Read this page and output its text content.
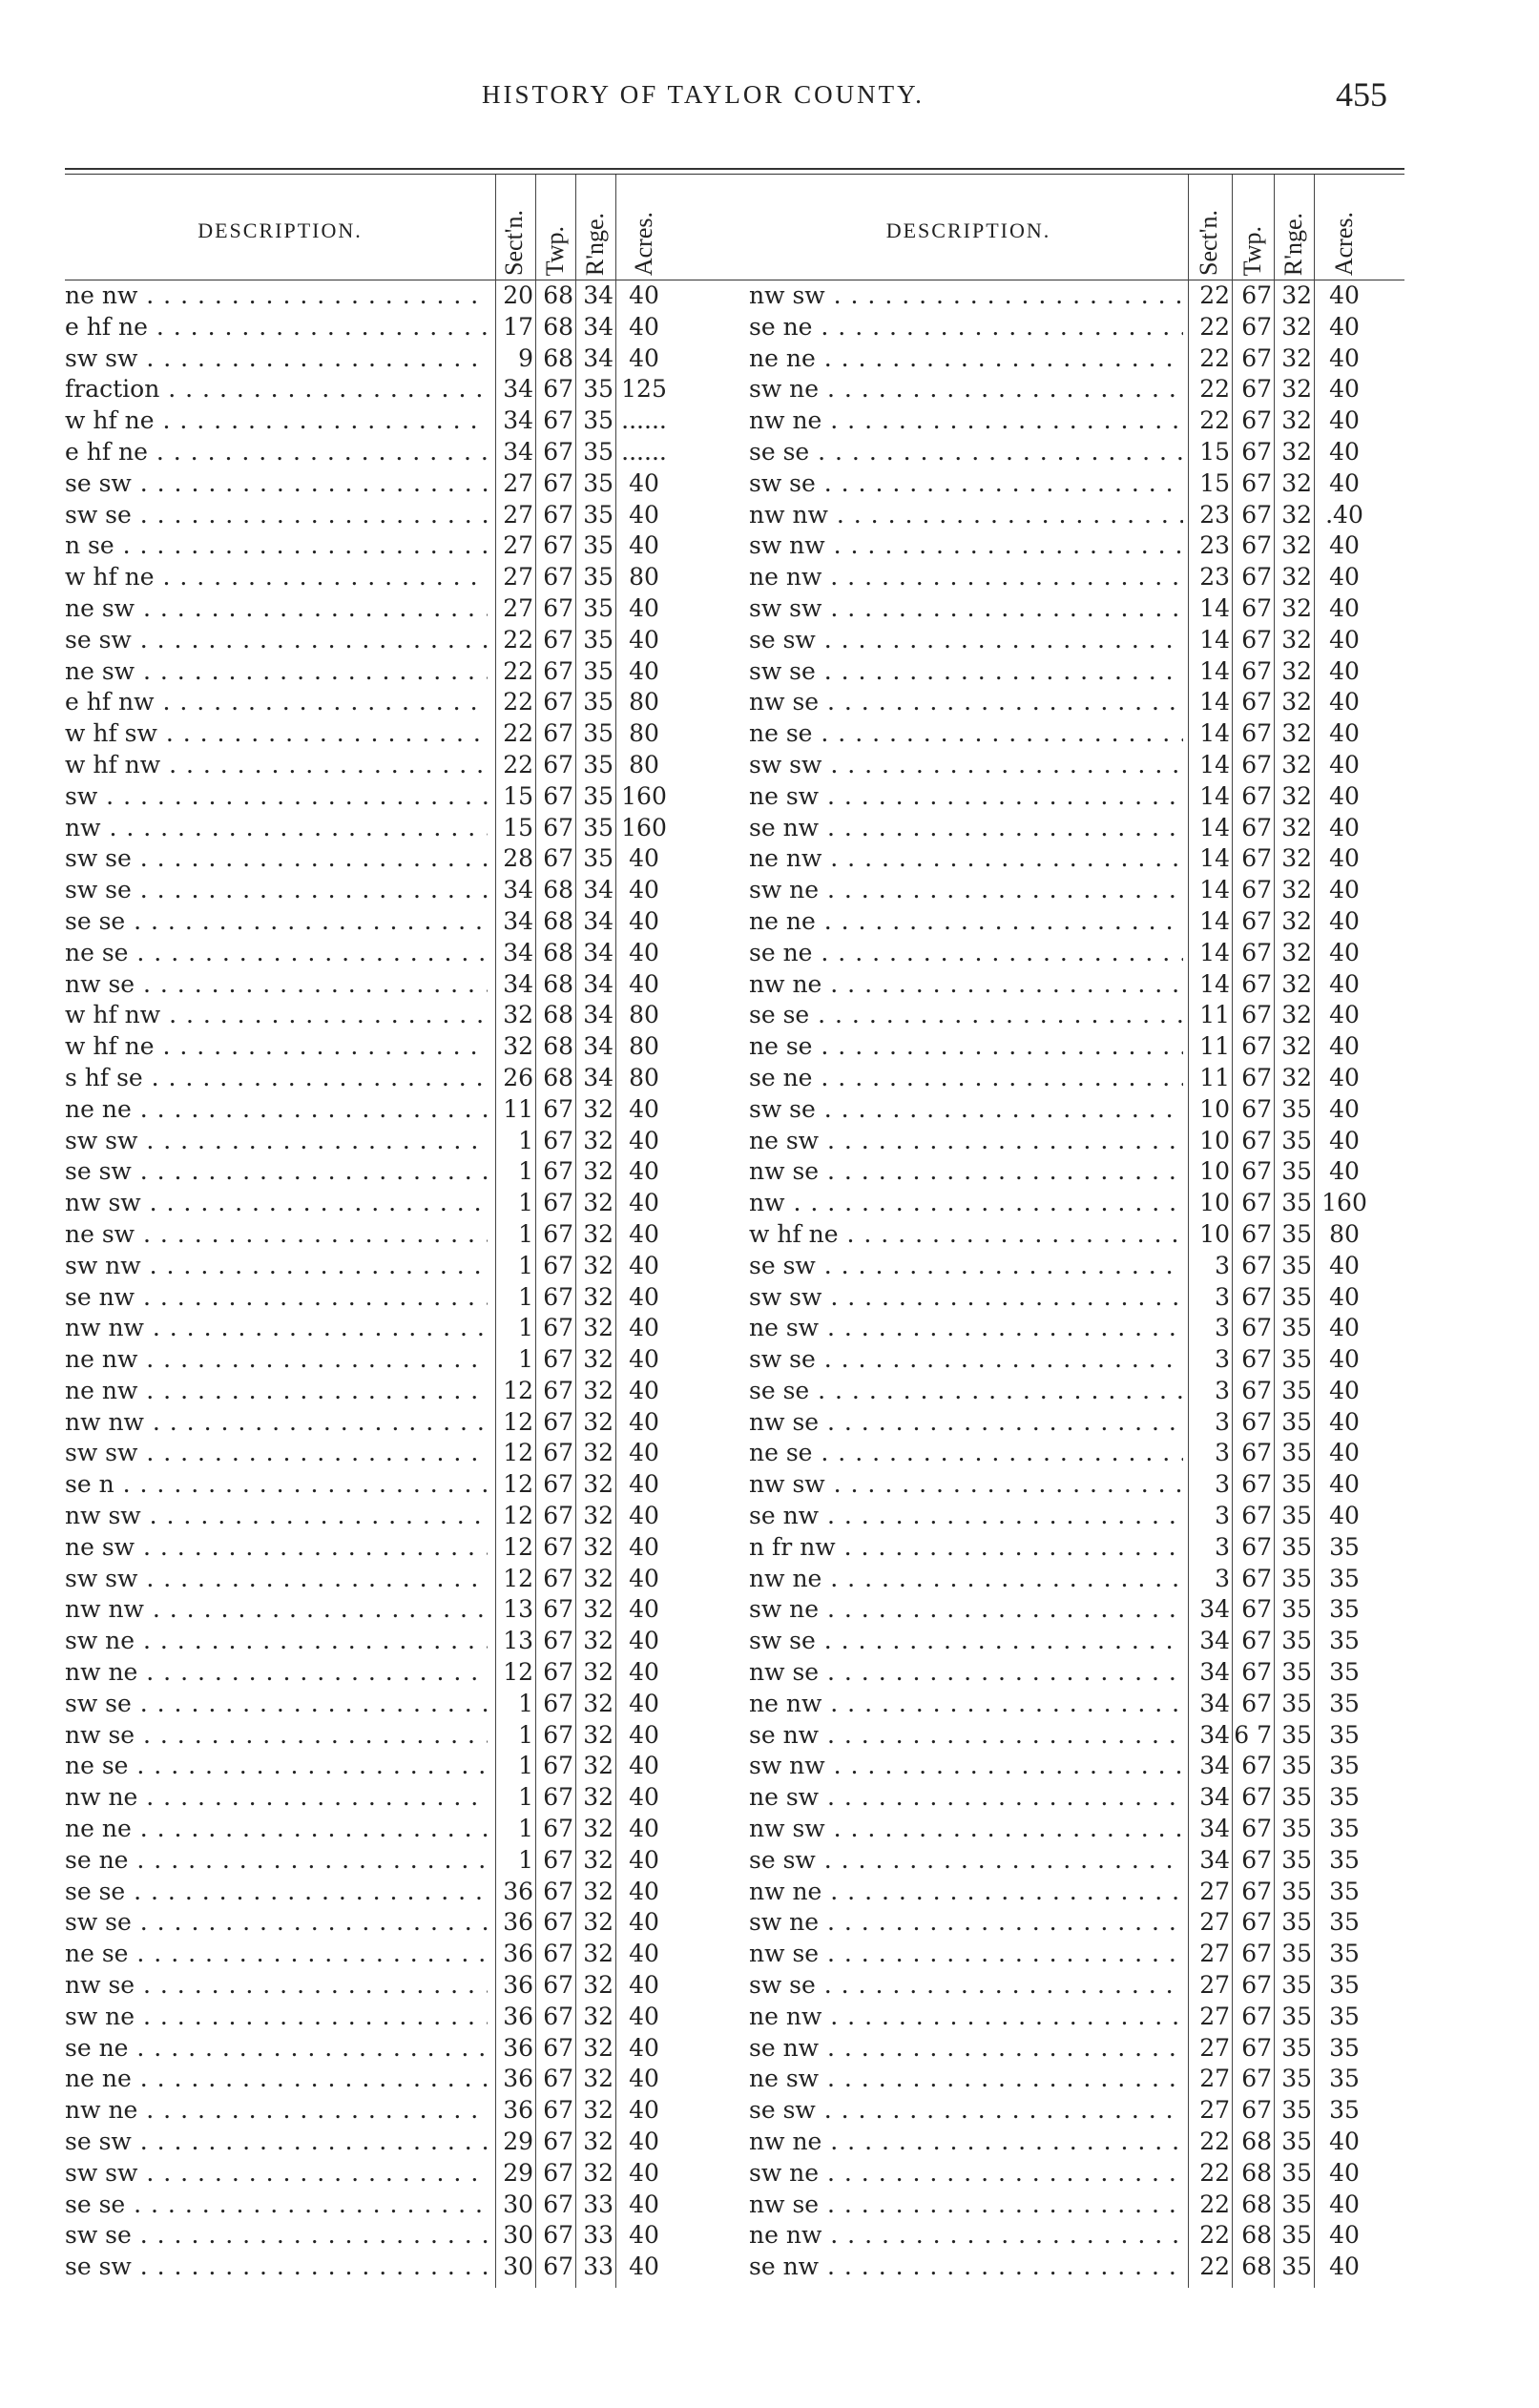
HISTORY OF TAYLOR COUNTY.	455
DESCRIPTION.	Sect'n. Twp. R'nge. Acres.
ne nw . . .	20 68 34 40
e hf ne . . .	17 68 34 40
sw sw . . .	9 68 34 40
fraction . . .	34 67 35 125
w hf ne . . .	34 67 35 ......
e hf ne . . .	34 67 35 ......
se sw . . .	27 67 35 40
sw se . . .	27 67 35 40
n se . . .	27 67 35 40
w hf ne . . .	27 67 35 80
ne sw . . .	27 67 35 40
se sw . . .	22 67 35 40
ne sw . . .	22 67 35 40
e hf nw . . .	22 67 35 80
w hf sw . . .	22 67 35 80
w hf nw . . .	22 67 35 80
sw . . .	15 67 35 160
nw . . .	15 67 35 160
sw se . . .	28 67 35 40
sw se . . .	34 68 34 40
se se . . .	34 68 34 40
ne se . . .	34 68 34 40
nw se . . .	34 68 34 40
w hf nw . . .	32 68 34 80
w hf ne . . .	32 68 34 80
s hf se . . .	26 68 34 80
ne ne . . .	11 67 32 40
sw sw . . .	1 67 32 40
se sw . . .	1 67 32 40
nw sw . . .	1 67 32 40
ne sw . . .	1 67 32 40
sw nw . . .	1 67 32 40
se nw . . .	1 67 32 40
nw nw . . .	1 67 32 40
ne nw . . .	1 67 32 40
ne nw . . .	12 67 32 40
nw nw . . .	12 67 32 40
sw sw . . .	12 67 32 40
se n . . .	12 67 32 40
nw sw . . .	12 67 32 40
ne sw . . .	12 67 32 40
sw sw . . .	12 67 32 40
nw nw . . .	13 67 32 40
sw ne . . .	13 67 32 40
nw ne . . .	12 67 32 40
sw se . . .	1 67 32 40
nw se . . .	1 67 32 40
ne se . . .	1 67 32 40
nw ne . . .	1 67 32 40
ne ne . . .	1 67 32 40
se ne . . .	1 67 32 40
se se . . .	36 67 32 40
sw se . . .	36 67 32 40
ne se . . .	36 67 32 40
nw se . . .	36 67 32 40
sw ne . . .	36 67 32 40
se ne . . .	36 67 32 40
ne ne . . .	36 67 32 40
nw ne . . .	36 67 32 40
se sw . . .	29 67 32 40
sw sw . . .	29 67 32 40
se se . . .	30 67 33 40
sw se . . .	30 67 33 40
se sw . . .	30 67 33 40
DESCRIPTION.	Sect'n. Twp. R'nge. Acres.
nw sw . . .	22 67 32 40
se ne . . .	22 67 32 40
ne ne . . .	22 67 32 40
sw ne . . .	22 67 32 40
nw ne . . .	22 67 32 40
se se . . .	15 67 32 40
sw se . . .	15 67 32 40
nw nw . . .	23 67 32 .40
sw nw . . .	23 67 32 40
ne nw . . .	23 67 32 40
sw sw . . .	14 67 32 40
se sw . . .	14 67 32 40
sw se . . .	14 67 32 40
nw se . . .	14 67 32 40
ne se . . .	14 67 32 40
sw sw . . .	14 67 32 40
ne sw . . .	14 67 32 40
se nw . . .	14 67 32 40
ne nw . . .	14 67 32 40
sw ne . . .	14 67 32 40
ne ne . . .	14 67 32 40
se ne . . .	14 67 32 40
nw ne . . .	14 67 32 40
se se . . .	11 67 32 40
ne se . . .	11 67 32 40
se ne . . .	11 67 32 40
sw se . . .	10 67 35 40
ne sw . . .	10 67 35 40
nw se . . .	10 67 35 40
nw . . .	10 67 35 160
w hf ne . . .	10 67 35 80
se sw . . .	3 67 35 40
sw sw . . .	3 67 35 40
ne sw . . .	3 67 35 40
sw se . . .	3 67 35 40
se se . . .	3 67 35 40
nw se . . .	3 67 35 40
ne se . . .	3 67 35 40
nw sw . . .	3 67 35 40
se nw . . .	3 67 35 40
n fr nw . . .	3 67 35 35
nw ne . . .	3 67 35 35
sw ne . . .	34 67 35 35
sw se . . .	34 67 35 35
nw se . . .	34 67 35 35
ne nw . . .	34 67 35 35
se nw . . .	34 6 7 35 35
sw nw . . .	34 67 35 35
ne sw . . .	34 67 35 35
nw sw . . .	34 67 35 35
se sw . . .	34 67 35 35
nw ne . . .	27 67 35 35
sw ne . . .	27 67 35 35
nw se . . .	27 67 35 35
sw se . . .	27 67 35 35
ne nw . . .	27 67 35 35
se nw . . .	27 67 35 35
ne sw . . .	27 67 35 35
se sw . . .	27 67 35 35
nw ne . . .	22 68 35 40
sw ne . . .	22 68 35 40
nw se . . .	22 68 35 40
ne nw . . .	22 68 35 40
se nw . . .	22 68 35 40
